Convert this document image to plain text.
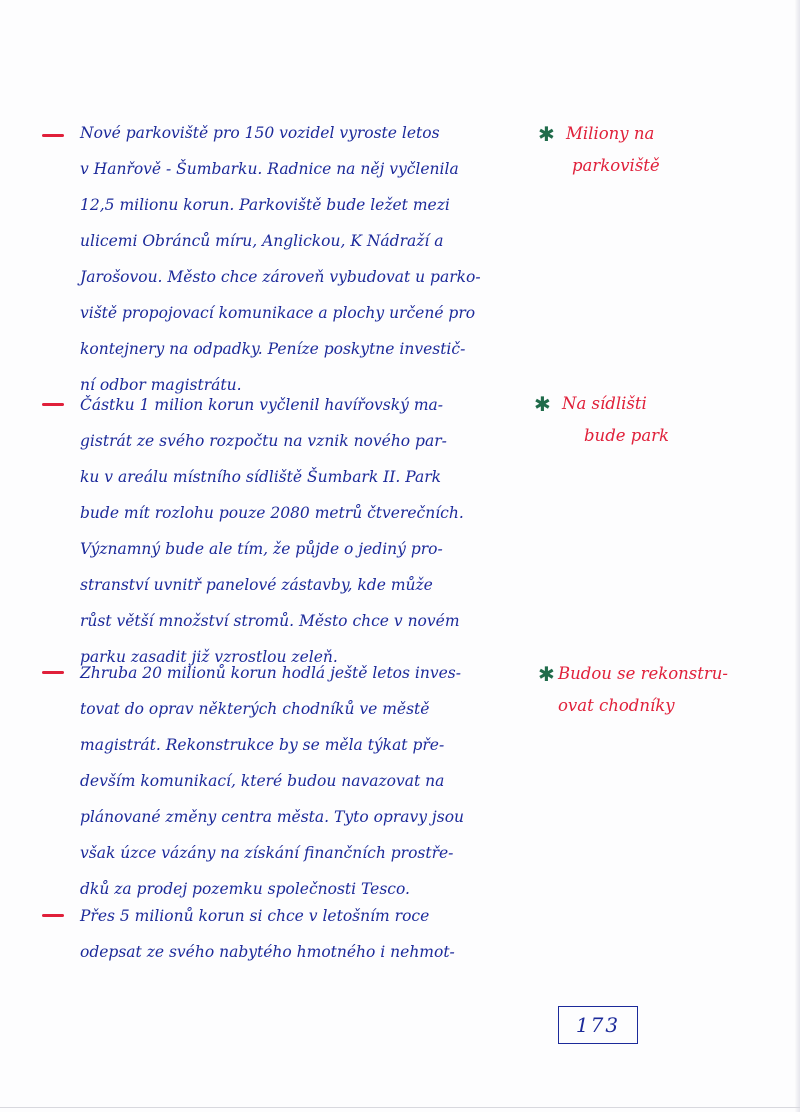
Nové parkoviště pro 150 vozidel vyroste letos
v Hanřově - Šumbarku. Radnice na něj vyčlenila
12,5 milionu korun. Parkoviště bude ležet mezi
ulicemi Obránců míru, Anglickou, K Nádraží a
Jarošovou. Město chce zároveň vybudovat u parko-
viště propojovací komunikace a plochy určené pro
kontejnery na odpadky. Peníze poskytne investič-
ní odbor magistrátu.
✱ Miliony na
parkoviště
Částku 1 milion korun vyčlenil havířovský ma-
gistrát ze svého rozpočtu na vznik nového par-
ku v areálu místního sídliště Šumbark II. Park
bude mít rozlohu pouze 2080 metrů čtverečních.
Významný bude ale tím, že půjde o jediný pro-
stranství uvnitř panelové zástavby, kde může
růst větší množství stromů. Město chce v novém
parku zasadit již vzrostlou zeleň.
✱ Na sídlišti
bude park
Zhruba 20 milionů korun hodlá ještě letos inves-
tovat do oprav některých chodníků ve městě
magistrát. Rekonstrukce by se měla týkat pře-
devším komunikací, které budou navazovat na
plánované změny centra města. Tyto opravy jsou
však úzce vázány na získání finančních prostře-
dků za prodej pozemku společnosti Tesco.
✱ Budou se rekonstru-
ovat chodníky
Přes 5 milionů korun si chce v letošním roce
odepsat ze svého nabytého hmotného i nehmot-
173
